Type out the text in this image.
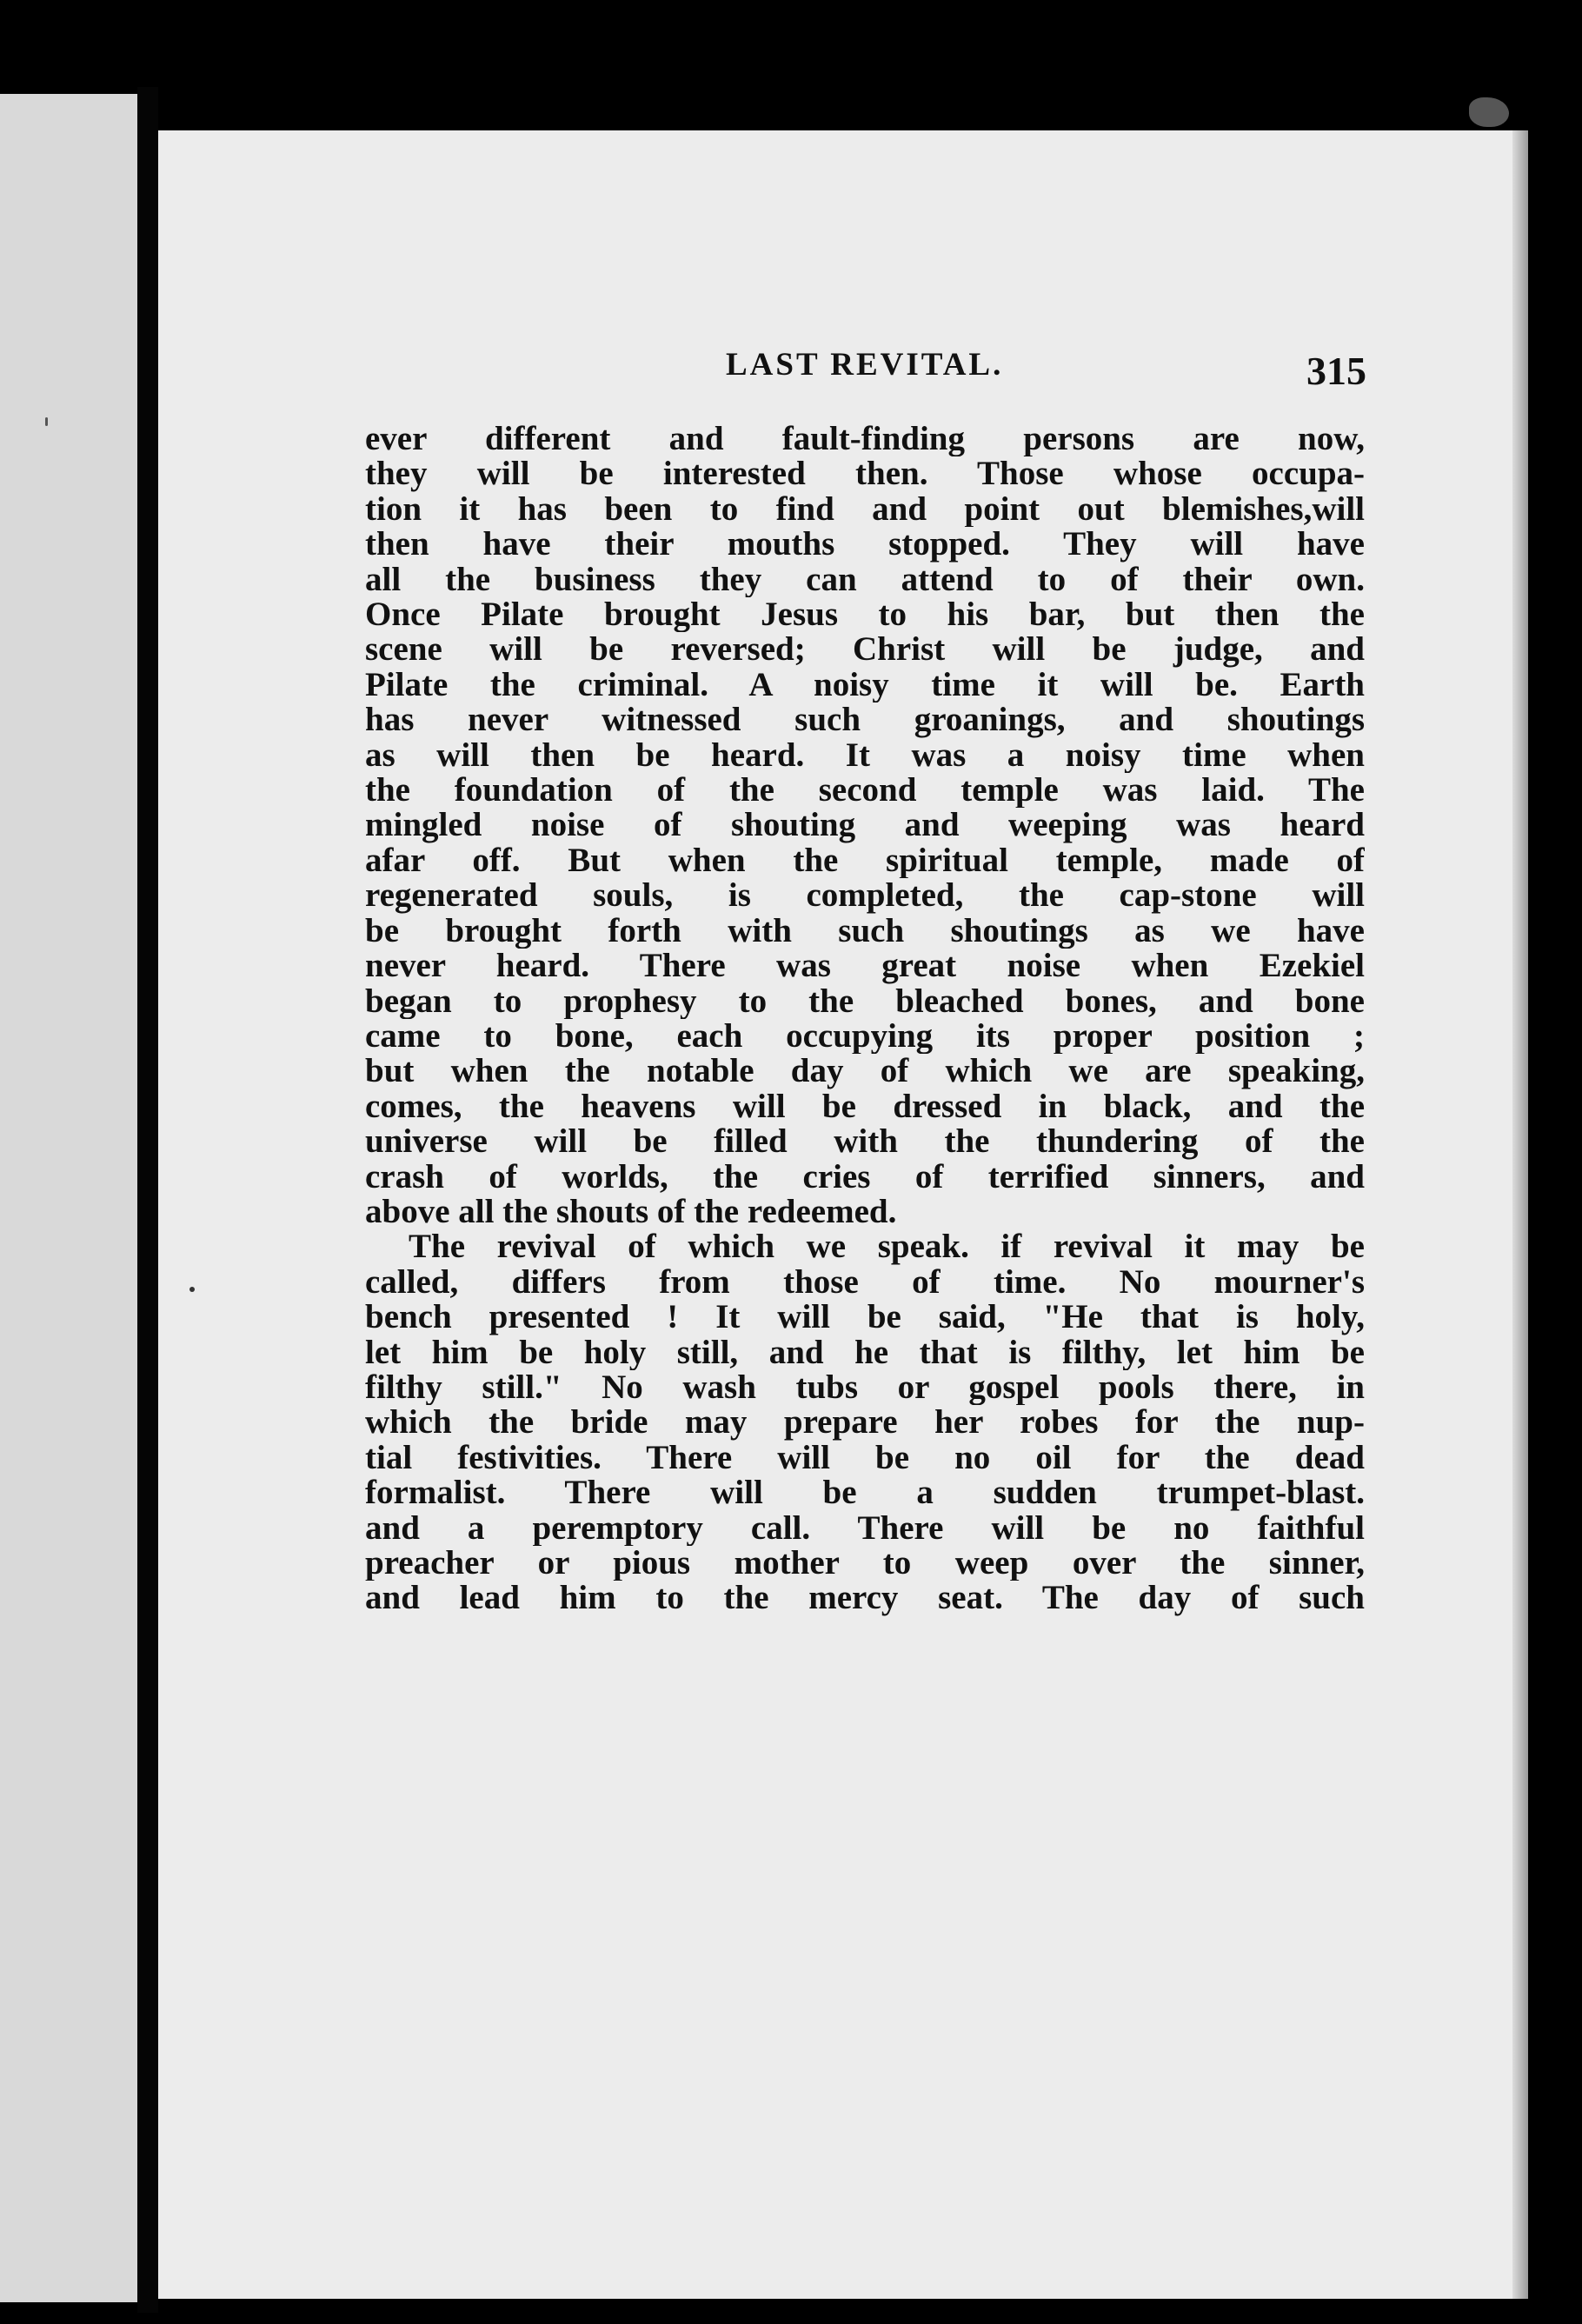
LAST REVITAL.	315

ever different and fault-finding persons are now,
they will be interested then. Those whose occupa-
tion it has been to find and point out blemishes,will
then have their mouths stopped. They will have
all the business they can attend to of their own.
Once Pilate brought Jesus to his bar, but then the
scene will be reversed; Christ will be judge, and
Pilate the criminal. A noisy time it will be. Earth
has never witnessed such groanings, and shoutings
as will then be heard. It was a noisy time when
the foundation of the second temple was laid. The
mingled noise of shouting and weeping was heard
afar off. But when the spiritual temple, made of
regenerated souls, is completed, the cap-stone will
be brought forth with such shoutings as we have
never heard. There was great noise when Ezekiel
began to prophesy to the bleached bones, and bone
came to bone, each occupying its proper position ;
but when the notable day of which we are speaking,
comes, the heavens will be dressed in black, and the
universe will be filled with the thundering of the
crash of worlds, the cries of terrified sinners, and
above all the shouts of the redeemed.

The revival of which we speak. if revival it may be
called, differs from those of time. No mourner's
bench presented ! It will be said, "He that is holy,
let him be holy still, and he that is filthy, let him be
filthy still." No wash tubs or gospel pools there, in
which the bride may prepare her robes for the nup-
tial festivities. There will be no oil for the dead
formalist. There will be a sudden trumpet-blast.
and a peremptory call. There will be no faithful
preacher or pious mother to weep over the sinner,
and lead him to the mercy seat. The day of such
